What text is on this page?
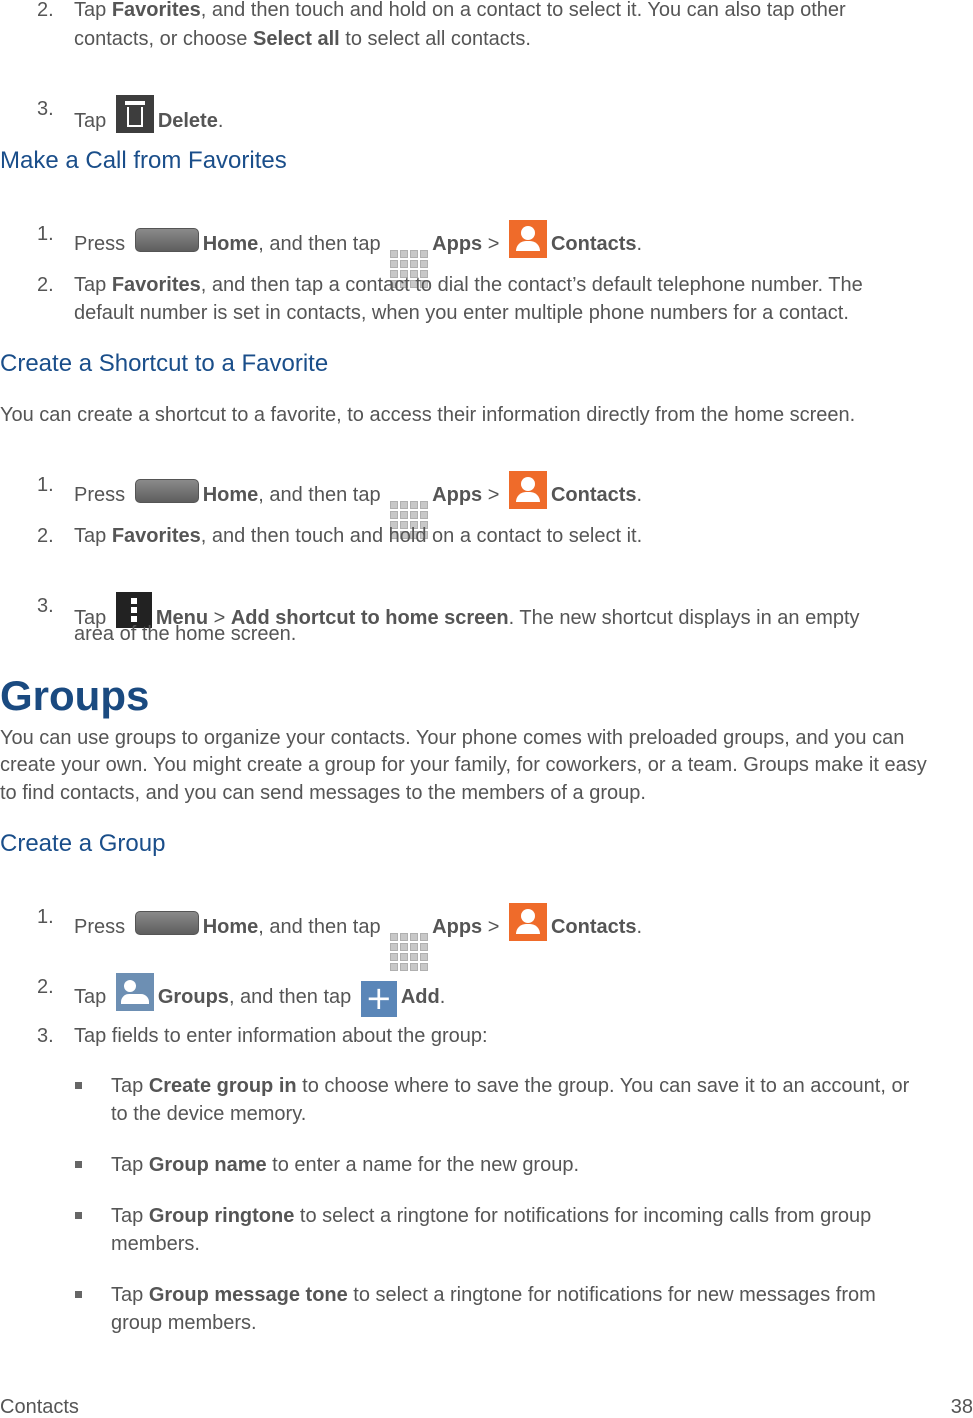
2. Tap Favorites, and then touch and hold on a contact to select it. You can also tap other
contacts, or choose Select all to select all contacts.
3.
Tap Delete.
Make a Call from Favorites
1. Press	Home, and then tap
Apps > Contacts.
2. Tap Favorites, and then tap a contact to dial the contact’s default telephone number. The
default number is set in contacts, when you enter multiple phone numbers for a contact.
Create a Shortcut to a Favorite
You can create a shortcut to a favorite, to access their information directly from the home screen.
1. Press	Home, and then tap
Apps > Contacts.
2. Tap Favorites, and then touch and hold on a contact to select it.
3.
Tap
Menu > Add shortcut to home screen. The new shortcut displays in an empty
area of the home screen.
Groups
You can use groups to organize your contacts. Your phone comes with preloaded groups, and you can
create your own. You might create a group for your family, for coworkers, or a team. Groups make it easy
to find contacts, and you can send messages to the members of a group.
Create a Group
1. Press	Home, and then tap
Apps > Contacts.
2. Tap Groups, and then tap + Add.
3. Tap fields to enter information about the group:
Tap Create group in to choose where to save the group. You can save it to an account, or
to the device memory.
Tap Group name to enter a name for the new group.
Tap Group ringtone to select a ringtone for notifications for incoming calls from group
members.
Tap Group message tone to select a ringtone for notifications for new messages from
group members.
Contacts	38
